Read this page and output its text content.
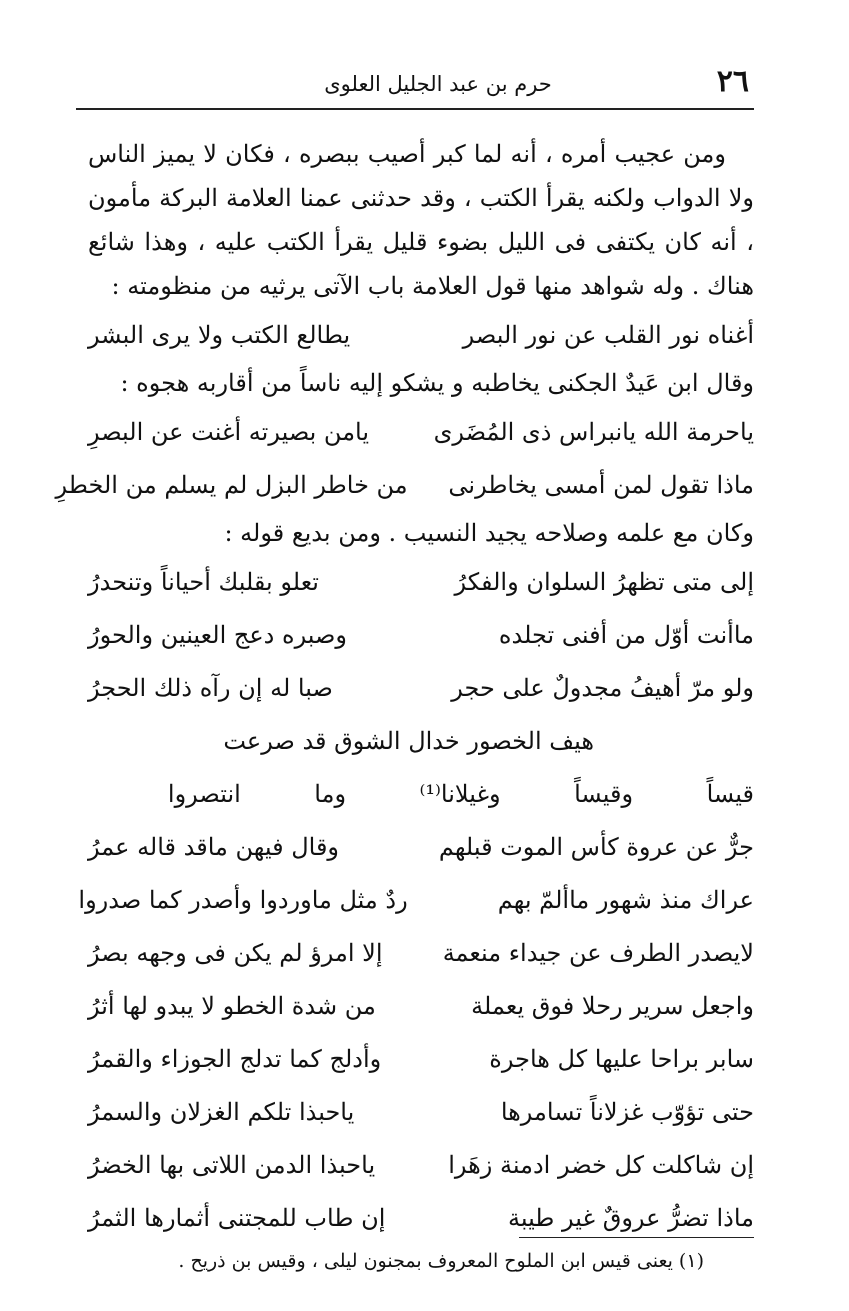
٢٦
حرم بن عبد الجليل العلوى

ومن عجيب أمره ، أنه لما كبر أصيب ببصره ، فكان لا يميز الناس ولا الدواب ولكنه يقرأ الكتب ، وقد حدثنى عمنا العلامة البركة مأمون ، أنه كان يكتفى فى الليل بضوء قليل يقرأ الكتب عليه ، وهذا شائع هناك . وله شواهد منها قول العلامة باب الآتى يرثيه من منظومته :

أغناه نور القلب عن نور البصر
يطالع الكتب ولا يرى البشر

وقال ابن عَيدٌ الجكنى يخاطبه و يشكو إليه ناساً من أقاربه هجوه :

ياحرمة الله يانبراس ذى المُضَرى
يامن بصيرته أغنت عن البصرِ
ماذا تقول لمن أمسى يخاطرنى
من خاطر البزل لم يسلم من الخطرِ

وكان مع علمه وصلاحه يجيد النسيب . ومن بديع قوله :

إلى متى تظهرُ السلوان والفكرُ
تعلو بقلبك أحياناً وتنحدرُ
ماأنت أوّل من أفنى تجلده
وصبره دعج العينين والحورُ
ولو مرّ أهيفُ مجدولٌ على حجر
صبا له إن رآه ذلك الحجرُ
هيف الخصور خدال الشوق قد صرعت
قيساً وقيساً وغيلانا⁽¹⁾ وما انتصروا
جرٌّ عن عروة كأس الموت قبلهم
وقال فيهن ماقد قاله عمرُ
عراك منذ شهور ماألمّ بهم
ردٌ مثل ماوردوا وأصدر كما صدروا
لايصدر الطرف عن جيداء منعمة
إلا امرؤ لم يكن فى وجهه بصرُ
واجعل سرير رحلا فوق يعملة
من شدة الخطو لا يبدو لها أثرُ
سابر براحا عليها كل هاجرة
وأدلج كما تدلج الجوزاء والقمرُ
حتى تؤوّب غزلاناً تسامرها
ياحبذا تلكم الغزلان والسمرُ
إن شاكلت كل خضر ادمنة زهَرا
ياحبذا الدمن اللاتى بها الخضرُ
ماذا تضرُّ عروقٌ غير طيبة
إن طاب للمجتنى أثمارها الثمرُ
(١) يعنى قيس ابن الملوح المعروف بمجنون ليلى ، وقيس بن ذريح .
